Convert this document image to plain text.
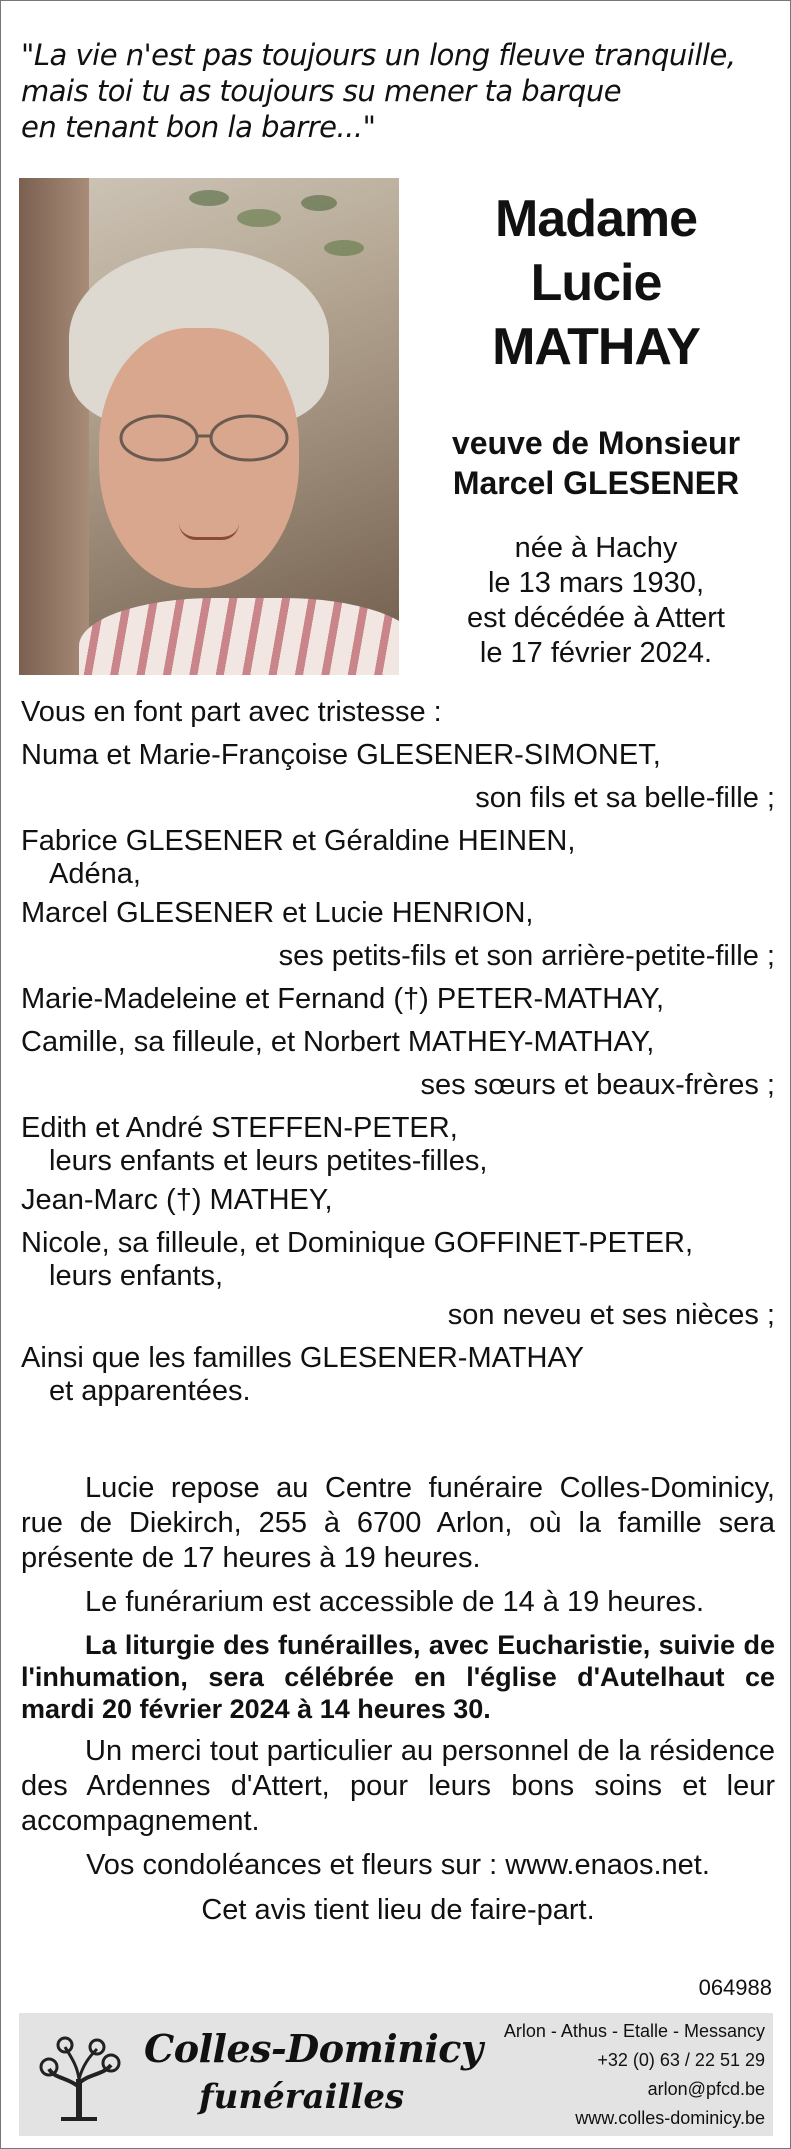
"La vie n'est pas toujours un long fleuve tranquille,
mais toi tu as toujours su mener ta barque
en tenant bon la barre..."
Madame
Lucie
MATHAY
veuve de Monsieur
Marcel GLESENER
née à Hachy
le 13 mars 1930,
est décédée à Attert
le 17 février 2024.
Vous en font part avec tristesse :
Numa et Marie-Françoise GLESENER-SIMONET,
son fils et sa belle-fille ;
Fabrice GLESENER et Géraldine HEINEN,
Adéna,
Marcel GLESENER et Lucie HENRION,
ses petits-fils et son arrière-petite-fille ;
Marie-Madeleine et Fernand (†) PETER-MATHAY,
Camille, sa filleule, et Norbert MATHEY-MATHAY,
ses sœurs et beaux-frères ;
Edith et André STEFFEN-PETER,
leurs enfants et leurs petites-filles,
Jean-Marc (†) MATHEY,
Nicole, sa filleule, et Dominique GOFFINET-PETER,
leurs enfants,
son neveu et ses nièces ;
Ainsi que les familles GLESENER-MATHAY
et apparentées.

Lucie repose au Centre funéraire Colles-Dominicy, rue de Diekirch, 255 à 6700 Arlon, où la famille sera présente de 17 heures à 19 heures.

Le funérarium est accessible de 14 à 19 heures.

La liturgie des funérailles, avec Eucharistie, suivie de l'inhumation, sera célébrée en l'église d'Autelhaut ce mardi 20 février 2024 à 14 heures 30.

Un merci tout particulier au personnel de la résidence des Ardennes d'Attert, pour leurs bons soins et leur accompagnement.

Vos condoléances et fleurs sur : www.enaos.net.
Cet avis tient lieu de faire-part.
064988
Colles-Dominicy
funérailles
Arlon - Athus - Etalle - Messancy
+32 (0) 63 / 22 51 29
arlon@pfcd.be
www.colles-dominicy.be
